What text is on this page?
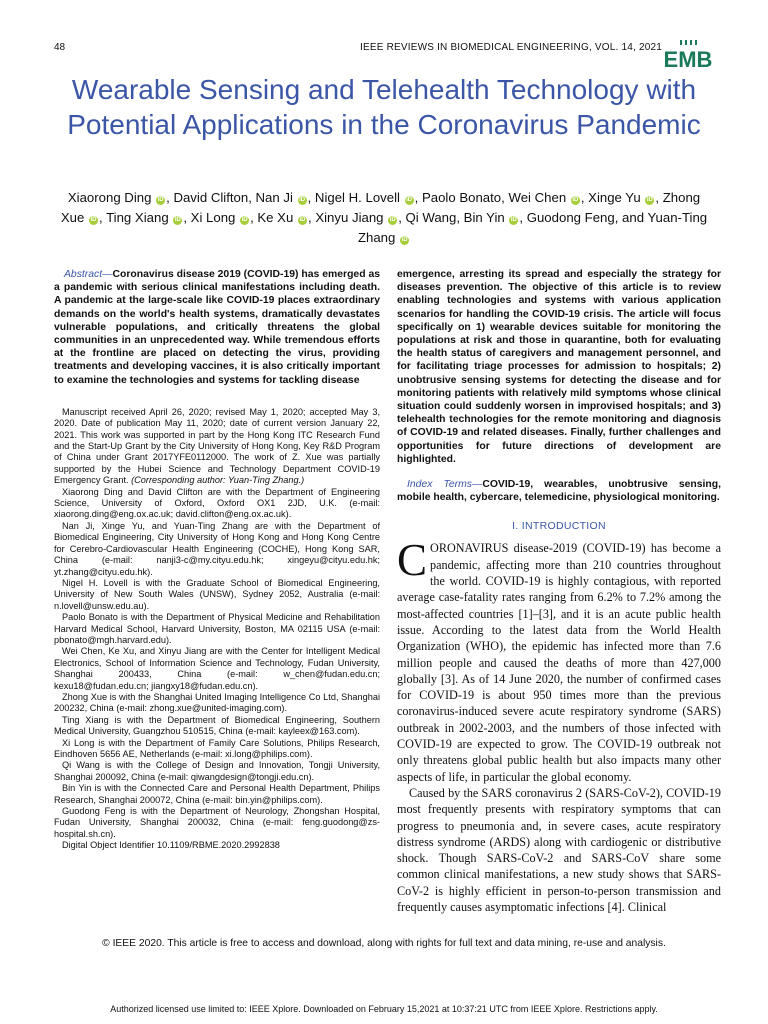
48	IEEE REVIEWS IN BIOMEDICAL ENGINEERING, VOL. 14, 2021 EMB
Wearable Sensing and Telehealth Technology with Potential Applications in the Coronavirus Pandemic
Xiaorong Ding iD , David Clifton, Nan Ji iD , Nigel H. Lovell iD , Paolo Bonato, Wei Chen iD , Xinge Yu iD , Zhong Xue iD , Ting Xiang iD , Xi Long iD , Ke Xu iD , Xinyu Jiang iD , Qi Wang, Bin Yin iD , Guodong Feng, and Yuan-Ting Zhang iD

Abstract—Coronavirus disease 2019 (COVID-19) has emerged as a pandemic with serious clinical manifestations including death. A pandemic at the large-scale like COVID-19 places extraordinary demands on the world's health systems, dramatically devastates vulnerable populations, and critically threatens the global communities in an unprecedented way. While tremendous efforts at the frontline are placed on detecting the virus, providing treatments and developing vaccines, it is also critically important to examine the technologies and systems for tackling disease

Manuscript received April 26, 2020; revised May 1, 2020; accepted May 3, 2020. Date of publication May 11, 2020; date of current version January 22, 2021. This work was supported in part by the Hong Kong ITC Research Fund and the Start-Up Grant by the City University of Hong Kong, Key R&D Program of China under Grant 2017YFE0112000. The work of Z. Xue was partially supported by the Hubei Science and Technology Department COVID-19 Emergency Grant. (Corresponding author: Yuan-Ting Zhang.)

Xiaorong Ding and David Clifton are with the Department of Engineering Science, University of Oxford, Oxford OX1 2JD, U.K. (e-mail: xiaorong.ding@eng.ox.ac.uk; david.clifton@eng.ox.ac.uk).

Nan Ji, Xinge Yu, and Yuan-Ting Zhang are with the Department of Biomedical Engineering, City University of Hong Kong and Hong Kong Centre for Cerebro-Cardiovascular Health Engineering (COCHE), Hong Kong SAR, China (e-mail: nanji3-c@my.cityu.edu.hk; xingeyu@cityu.edu.hk; yt.zhang@cityu.edu.hk).

Nigel H. Lovell is with the Graduate School of Biomedical Engineering, University of New South Wales (UNSW), Sydney 2052, Australia (e-mail: n.lovell@unsw.edu.au).

Paolo Bonato is with the Department of Physical Medicine and Rehabilitation Harvard Medical School, Harvard University, Boston, MA 02115 USA (e-mail: pbonato@mgh.harvard.edu).

Wei Chen, Ke Xu, and Xinyu Jiang are with the Center for Intelligent Medical Electronics, School of Information Science and Technology, Fudan University, Shanghai 200433, China (e-mail: w_chen@fudan.edu.cn; kexu18@fudan.edu.cn; jiangxy18@fudan.edu.cn).

Zhong Xue is with the Shanghai United Imaging Intelligence Co Ltd, Shanghai 200232, China (e-mail: zhong.xue@united-imaging.com).

Ting Xiang is with the Department of Biomedical Engineering, Southern Medical University, Guangzhou 510515, China (e-mail: kayleex@163.com).

Xi Long is with the Department of Family Care Solutions, Philips Research, Eindhoven 5656 AE, Netherlands (e-mail: xi.long@philips.com).

Qi Wang is with the College of Design and Innovation, Tongji University, Shanghai 200092, China (e-mail: qiwangdesign@tongji.edu.cn).

Bin Yin is with the Connected Care and Personal Health Department, Philips Research, Shanghai 200072, China (e-mail: bin.yin@philips.com).

Guodong Feng is with the Department of Neurology, Zhongshan Hospital, Fudan University, Shanghai 200032, China (e-mail: feng.guodong@zs-hospital.sh.cn).

Digital Object Identifier 10.1109/RBME.2020.2992838

emergence, arresting its spread and especially the strategy for diseases prevention. The objective of this article is to review enabling technologies and systems with various application scenarios for handling the COVID-19 crisis. The article will focus specifically on 1) wearable devices suitable for monitoring the populations at risk and those in quarantine, both for evaluating the health status of caregivers and management personnel, and for facilitating triage processes for admission to hospitals; 2) unobtrusive sensing systems for detecting the disease and for monitoring patients with relatively mild symptoms whose clinical situation could suddenly worsen in improvised hospitals; and 3) telehealth technologies for the remote monitoring and diagnosis of COVID-19 and related diseases. Finally, further challenges and opportunities for future directions of development are highlighted.

Index Terms—COVID-19, wearables, unobtrusive sensing, mobile health, cybercare, telemedicine, physiological monitoring.

I. INTRODUCTION

CORONAVIRUS disease-2019 (COVID-19) has become a pandemic, affecting more than 210 countries throughout the world. COVID-19 is highly contagious, with reported average case-fatality rates ranging from 6.2% to 7.2% among the most-affected countries [1]–[3], and it is an acute public health issue. According to the latest data from the World Health Organization (WHO), the epidemic has infected more than 7.6 million people and caused the deaths of more than 427,000 globally [3]. As of 14 June 2020, the number of confirmed cases for COVID-19 is about 950 times more than the previous coronavirus-induced severe acute respiratory syndrome (SARS) outbreak in 2002-2003, and the numbers of those infected with COVID-19 are expected to grow. The COVID-19 outbreak not only threatens global public health but also impacts many other aspects of life, in particular the global economy.

Caused by the SARS coronavirus 2 (SARS-CoV-2), COVID-19 most frequently presents with respiratory symptoms that can progress to pneumonia and, in severe cases, acute respiratory distress syndrome (ARDS) along with cardiogenic or distributive shock. Though SARS-CoV-2 and SARS-CoV share some common clinical manifestations, a new study shows that SARS-CoV-2 is highly efficient in person-to-person transmission and frequently causes asymptomatic infections [4]. Clinical

© IEEE 2020. This article is free to access and download, along with rights for full text and data mining, re-use and analysis.
Authorized licensed use limited to: IEEE Xplore. Downloaded on February 15,2021 at 10:37:21 UTC from IEEE Xplore. Restrictions apply.
